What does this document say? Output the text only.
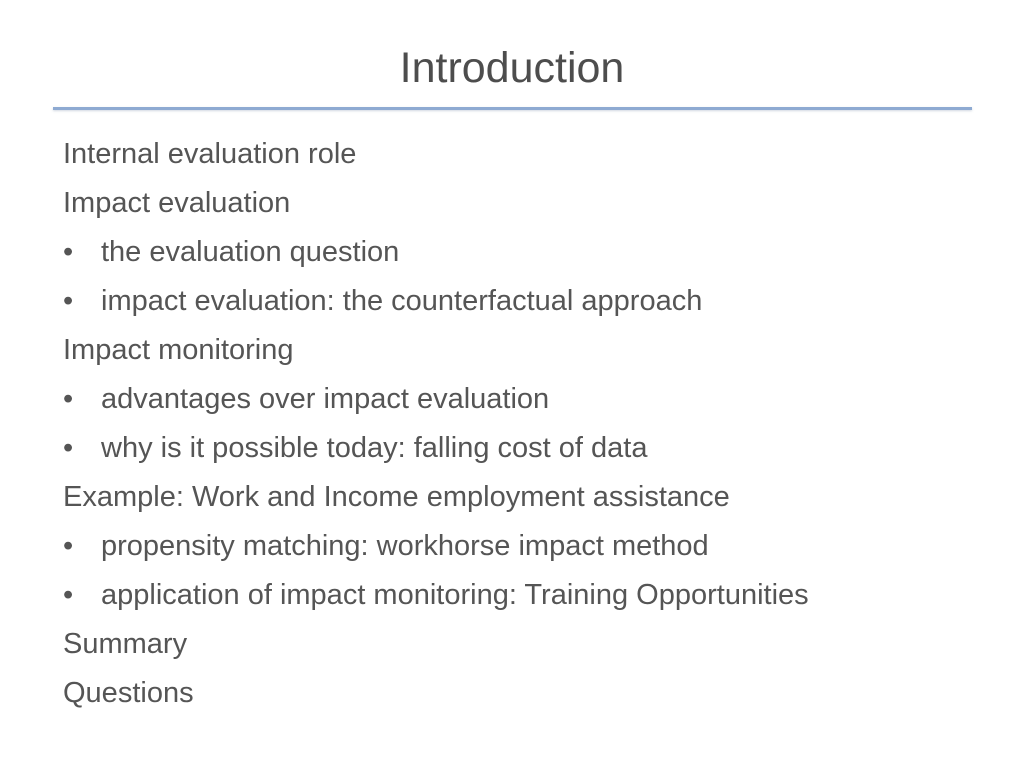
Introduction
Internal evaluation role
Impact evaluation
• the evaluation question
• impact evaluation: the counterfactual approach
Impact monitoring
• advantages over impact evaluation
• why is it possible today: falling cost of data
Example: Work and Income employment assistance
• propensity matching: workhorse impact method
• application of impact monitoring: Training Opportunities
Summary
Questions
